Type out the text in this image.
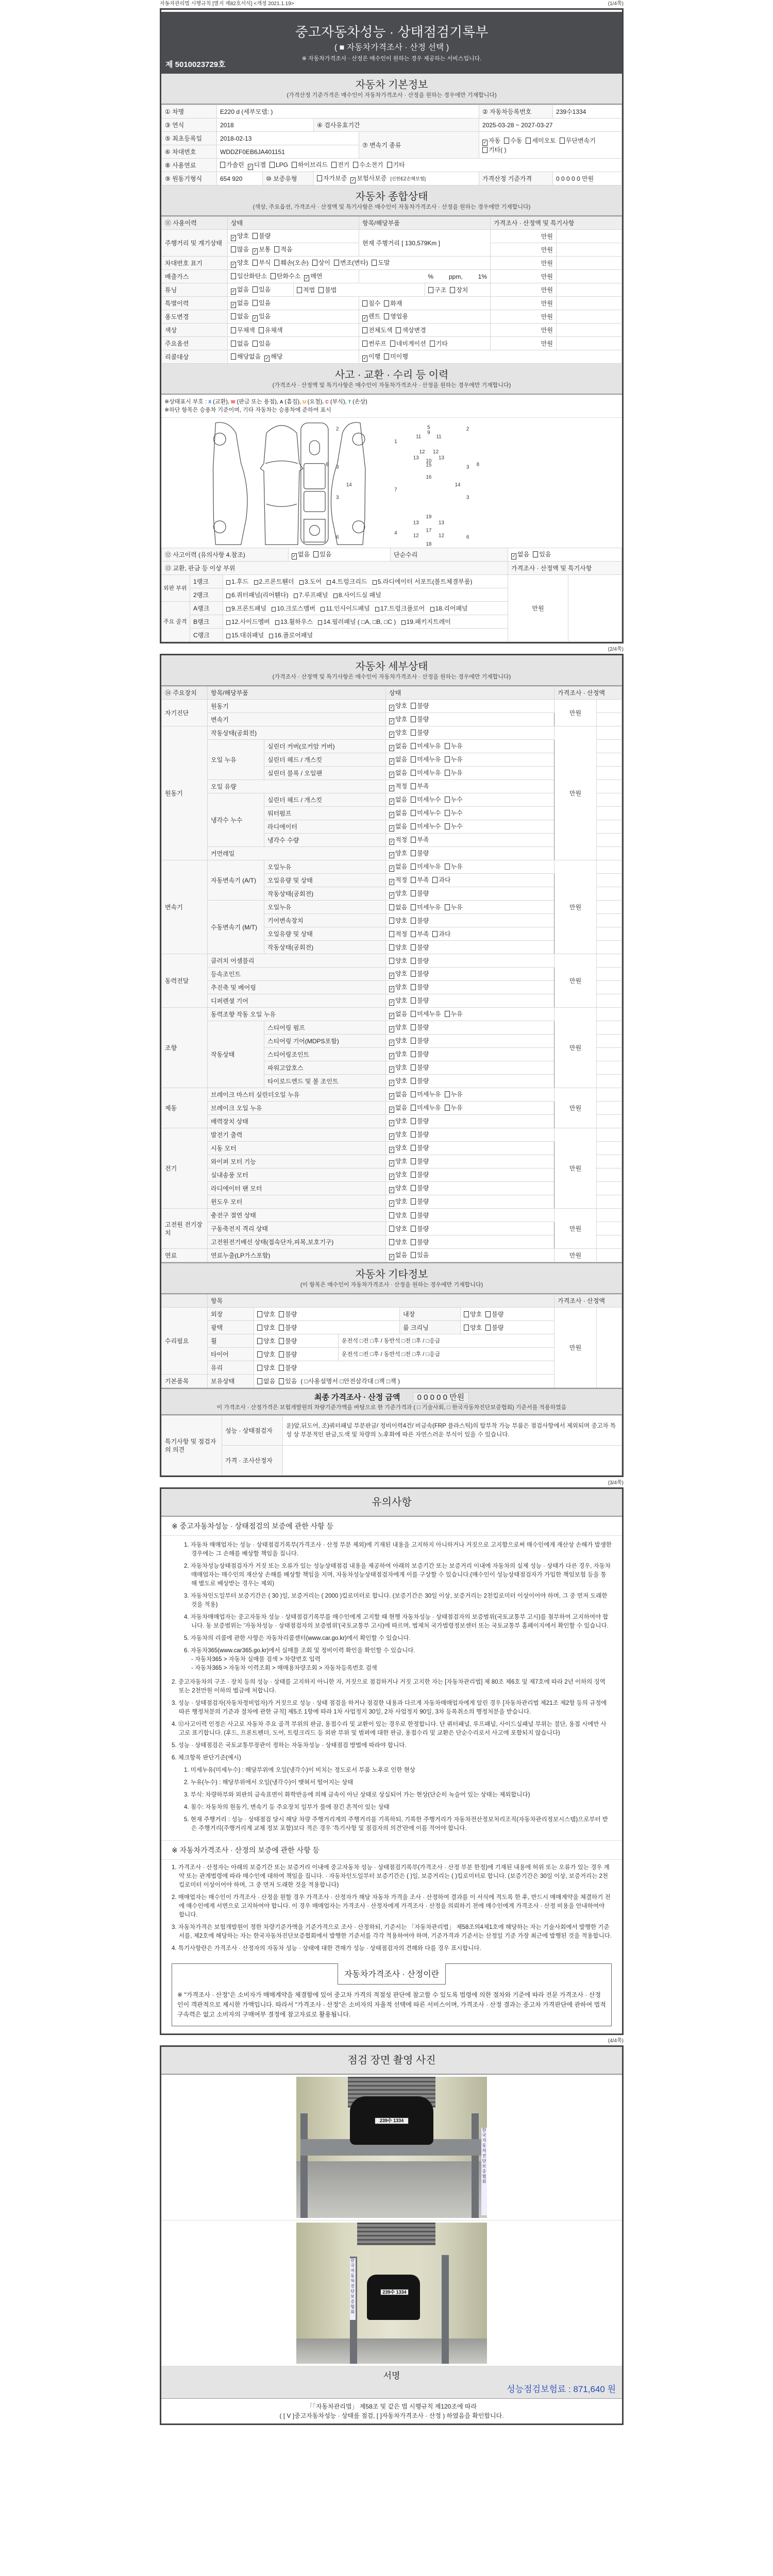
자동차관리법 시행규칙 [별지 제82호서식] <개정 2021.1.19>	(1/4쪽)
중고자동차성능 · 상태점검기록부
( ■ 자동차가격조사 · 산정 선택 )
※ 자동차가격조사 · 산정은 매수인이 원하는 경우 제공하는 서비스입니다.
제 5010023729호
자동차 기본정보
(가격산정 기준가격은 매수인이 자동차가격조사 · 산정을 원하는 경우에만 기재합니다)
① 차명	E220 d (세부모델: )				② 자동차등록번호	239수1334
③ 연식	2018		④ 검사유효기간		2025-03-28 ~ 2027-03-27	
⑤ 최초등록일	2018-02-13			⑦ 변속기 종류	✓ 자동 수동 세미오토 무단변속기기타( )	
⑥ 차대번호	WDDZF0EB6JA401151					
⑧ 사용연료	가솔린 ✓ 디젤 LPG 하이브리드 전기 수소전기 기타					
⑨ 원동기형식	654 920	⑩ 보증유형	자가보증 ✓ 보험사보증 [신한EZ손해보험]		가격산정 기준가격	0 0 0 0 0 만원
자동차 종합상태
(색상, 주요옵션, 가격조사 · 산정액 및 특기사항은 매수인이 자동차가격조사 · 산정을 원하는 경우에만 기재합니다)
⑪ 사용이력	상태		항목/해당부품		가격조사 · 산정액 및 특기사항	
주행거리 및 계기상태	✓ 양호 불량		현재 주행거리 [ 130,579Km ]		만원	
	많음 ✓ 보통 적음				만원	
차대번호 표기	✓ 양호 부식 훼손(오손) 상이 변조(변타) 도말				만원	
배출가스	일산화탄소 탄화수소 ✓ 매연		% ppm, 1%		만원	
튜닝	✓ 없음 있음	적법 불법		구조 장치	만원	
특별이력	✓ 없음 있음		침수 화재		만원	
용도변경	없음 ✓ 있음		✓ 렌트 영업용		만원	
색상	무채색 유채색		전체도색 색상변경		만원	
주요옵션	없음 있음		썬루프 네비게이션 기타		만원	
리콜대상	해당없음 ✓ 해당		✓ 이행 미이행			
사고 · 교환 · 수리 등 이력
(가격조사 · 산정액 및 특기사항은 매수인이 자동차가격조사 · 산정을 원하는 경우에만 기재합니다)
※상태표시 부호 : X (교환), W (판금 또는 용접), A (흠집), U (요철), C (부식), T (손상)
※하단 항목은 승용차 기준이며, 기타 자동차는 승용차에 준하여 표시
2
8 3
3
14
6
1
7
4
5
9
11	11
12 12
13	13
10
15
16
13	13
19
17
12	12
18
2
8
3
3
14
6
⑫ 사고이력 (유의사항 4.참조)			✓ 없음 있음	단순수리	✓ 없음 있음	
⑬ 교환, 판금 등 이상 부위					가격조사 · 산정액 및 특기사항	
외판 부위	1랭크	1.후드 2.프론트휀더 3.도어 4.트렁크리드 5.라디에이터 서포트(볼트체결부품)			만원	
	2랭크	6.쿼터패널(리어휀다) 7.루프패널 8.사이드실 패널				
주요 골격	A랭크	9.프론트패널 10.크로스멤버 11.인사이드패널 17.트렁크플로어 18.리어패널				
	B랭크	12.사이드멤버 13.휠하우스 14.필러패널 ( □A, □B, □C ) 19.패키지트레이				
	C랭크	15.대쉬패널 16.플로어패널				
(2/4쪽)
자동차 세부상태
(가격조사 · 산정액 및 특기사항은 매수인이 자동차가격조사 · 산정을 원하는 경우에만 기재합니다)
⑭ 주요장치	항목/해당부품		상태	가격조사 · 산정액	
자기진단	원동기		✓ 양호 불량	만원	
	변속기		✓ 양호 불량		
원동기	작동상태(공회전)		✓ 양호 불량	만원	
	오일 누유	실린더 커버(로커암 커버)	✓ 없음 미세누유 누유		
		실린더 헤드 / 개스킷	✓ 없음 미세누유 누유		
		실린더 블록 / 오일팬	✓ 없음 미세누유 누유		
	오일 유량		✓ 적정 부족		
	냉각수 누수	실린더 헤드 / 개스킷	✓ 없음 미세누수 누수		
		워터펌프	✓ 없음 미세누수 누수		
		라디에이터	✓ 없음 미세누수 누수		
		냉각수 수량	✓ 적정 부족		
	커먼레일		✓ 양호 불량		
변속기	자동변속기 (A/T)	오일누유	✓ 없음 미세누유 누유	만원	
		오일유량 및 상태	✓ 적정 부족 과다		
		작동상태(공회전)	✓ 양호 불량		
	수동변속기 (M/T)	오일누유	없음 미세누유 누유		
		기어변속장치	양호 불량		
		오일유량 및 상태	적정 부족 과다		
		작동상태(공회전)	양호 불량		
동력전달	클러치 어셈블리		양호 불량	만원	
	등속조인트		✓ 양호 불량		
	추진축 및 베어링		✓ 양호 불량		
	디퍼렌셜 기어		✓ 양호 불량		
조향	동력조향 작동 오일 누유		✓ 없음 미세누유 누유	만원	
	작동상태	스티어링 펌프	✓ 양호 불량		
		스티어링 기어(MDPS포함)	✓ 양호 불량		
		스티어링조인트	✓ 양호 불량		
		파워고압호스	✓ 양호 불량		
		타이로드엔드 및 볼 조인트	✓ 양호 불량		
제동	브레이크 마스터 실린더오일 누유		✓ 없음 미세누유 누유	만원	
	브레이크 오일 누유		✓ 없음 미세누유 누유		
	배력장치 상태		✓ 양호 불량		
전기	발전기 출력		✓ 양호 불량	만원	
	시동 모터		✓ 양호 불량		
	와이퍼 모터 기능		✓ 양호 불량		
	실내송풍 모터		✓ 양호 불량		
	라디에이터 팬 모터		✓ 양호 불량		
	윈도우 모터		✓ 양호 불량		
고전원 전기장치	충전구 절연 상태		양호 불량	만원	
	구동축전지 격리 상태		양호 불량		
	고전원전기배선 상태(접속단자,피복,보호기구)		양호 불량		
연료	연료누출(LP가스포함)		✓ 없음 있음	만원	
자동차 기타정보
(이 항목은 매수인이 자동차가격조사 · 산정을 원하는 경우에만 기재합니다)
	항목					가격조사 · 산정액	
수리필요	외장	양호 불량		내장	양호 불량	만원	
	광택	양호 불량		룸 크리닝	양호 불량		
	휠	양호 불량	운전석 □전 □후 / 동반석 □전 □후 / □응급				
	타이어	양호 불량	운전석 □전 □후 / 동반석 □전 □후 / □응급				
	유리	양호 불량					
기본품목	보유상태	없음 있음 ( □사용설명서 □안전삼각대 □잭 □잭 )					
최종 가격조사 · 산정 금액 0 0 0 0 0 만원
이 가격조사 · 산정가격은 보험개발원의 차량기준가액을 바탕으로 한 기준가격과 ( □ 기술사회, □ 한국자동차진단보증협회) 기준서를 적용하였음
특기사항 및 점검자의 의견	성능 · 상태점검자	운)앞,뒤도어, 조)쿼터패널 부분판금/ 정비이력4건/ 비금속(FRP 플라스틱)의 탈부착 가능 부품은 점검사항에서 제외되며 중고차 특성 상 부분적인 판금,도색 및 차량의 노후화에 따른 자연스러운 부식이 있을 수 있습니다.
	가격 · 조사산정자	
(3/4쪽)
유의사항
※ 중고자동차성능 · 상태점검의 보증에 관한 사항 등
1. 자동차 매매업자는 성능 · 상태점검기록부(가격조사 · 산정 부분 제외)에 기재된 내용을 고지하지 아니하거나 거짓으로 고지함으로써 매수인에게 재산상 손해가 발생한 경우에는 그 손해를 배상할 책임을 집니다.
2. 자동차성능상태점검자가 거짓 또는 오류가 있는 성능상태점검 내용을 제공하여 아래의 보증기간 또는 보증거리 이내에 자동차의 실제 성능 · 상태가 다른 경우, 자동차매매업자는 매수인의 재산상 손해를 배상할 책임을 지며, 자동차성능상태점검자에게 이를 구상할 수 있습니다.(매수인이 성능상태점검자가 가입한 책임보험 등을 통해 별도로 배상받는 경우는 제외)
3. 자동차인도일부터 보증기간은 ( 30 )일, 보증거리는 ( 2000 )킬로미터로 합니다. (보증기간은 30일 이상, 보증거리는 2천킬로미터 이상이어야 하며, 그 중 먼저 도래한 것을 적용)
4. 자동차매매업자는 중고자동차 성능 · 상태점검기록부를 매수인에게 고지할 때 현행 자동차성능 · 상태점검자의 보증범위(국토교통부 고시)를 첨부하여 고지하여야 합니다. 동 보증범위는 '자동차성능 · 상태점검자의 보증범위'(국토교통부 고시)에 따르며, 법제처 국가법령정보센터 또는 국토교통부 홈페이지에서 확인할 수 있습니다.
5. 자동차의 리콜에 관한 사항은 자동차리콜센터(www.car.go.kr)에서 확인할 수 있습니다.
6. 자동차365(www.car365.go.kr)에서 실매물 조회 및 정비이력 확인을 확인할 수 있습니다.
- 자동차365 > 자동차 실매물 검색 > 차량번호 입력
- 자동차365 > 자동차 이력조회 > 매매용차량조회 > 자동차등록번호 검색
2. 중고자동차의 구조 · 장치 등의 성능 · 상태를 고지하지 아니한 자, 거짓으로 점검하거나 거짓 고지한 자는 [자동차관리법] 제 80조 제6호 및 제7호에 따라 2년 이하의 징역 또는 2천만원 이하의 벌금에 처합니다.
3. 성능 · 상태점검자(자동차정비업자)가 거짓으로 성능 · 상태 점검을 하거나 점검한 내용과 다르게 자동차매매업자에게 알린 경우 [자동차관리법 제21조 제2항 등의 규정에 따른 행정처분의 기준과 절차에 관한 규칙] 제5조 1항에 따라 1차 사업정지 30일, 2차 사업정지 90일, 3차 등록취소의 행정처분을 받습니다.
4. ⑫사고이력 인정은 사고로 자동차 주요 골격 부위의 판금, 용접수리 및 교환이 있는 경우로 한정합니다. 단 쿼터패널, 루프패널, 사이드실패널 부위는 절단, 용접 시에만 사고로 표기합니다. (후드, 프론트펜더, 도어, 트렁크리드 등 외판 부위 및 범퍼에 대한 판금, 용접수리 및 교환은 단순수리로서 사고에 포함되지 않습니다)
5. 성능 · 상태점검은 국토교통부장관이 정하는 자동차성능 · 상태점검 방법에 따라야 합니다.
6. 체크항목 판단기준(예시)
1. 미세누유(미세누수) : 해당부위에 오일(냉각수)이 비치는 정도로서 부품 노후로 인한 현상
2. 누유(누수) : 해당부위에서 오일(냉각수)이 맺혀서 떨어지는 상태
3. 부식: 차량하부와 외판의 금속표면이 화학반응에 의해 금속이 아닌 상태로 상실되어 가는 현상(단순히 녹슬어 있는 상태는 제외합니다)
4. 침수: 자동차의 원동기, 변속기 등 주요장치 일부가 물에 잠긴 흔적이 있는 상태
5. 현재 주행거리 : 성능 · 상태점검 당시 해당 차량 주행거리계의 주행거리를 기록하되, 기록한 주행거리가 자동차전산정보처리조직(자동차관리정보시스템)으로부터 받은 주행거리(주행거리계 교체 정보 포함)보다 적은 경우 '특기사항 및 점검자의 의견'란에 이를 적어야 합니다.
※ 자동차가격조사 · 산정의 보증에 관한 사항 등
1. 가격조사 · 산정자는 아래의 보증기간 또는 보증거리 이내에 중고자동차 성능 · 상태점검기록부(가격조사 · 산정 부분 한정)에 기재된 내용에 허위 또는 오류가 있는 경우 계약 또는 관계법령에 따라 매수인에 대하여 책임을 집니다. · 자동차인도일부터 보증기간은 ( )일, 보증거리는 ( )킬로미터로 합니다. (보증기간은 30일 이상, 보증거리는 2천킬로미터 이상이어야 하며, 그 중 먼저 도래한 것을 적용합니다)
2. 매매업자는 매수인이 가격조사 · 산정을 원할 경우 가격조사 · 산정자가 해당 자동차 가격을 조사 · 산정하여 결과를 이 서식에 적도록 한 후, 반드시 매매계약을 체결하기 전에 매수인에게 서면으로 고지하여야 합니다. 이 경우 매매업자는 가격조사 · 산정자에게 가격조사 · 산정을 의뢰하기 전에 매수인에게 가격조사 · 산정 비용을 안내하여야 합니다.
3. 자동차가격은 보험개발원이 정한 차량기준가액을 기준가격으로 조사 · 산정하되, 기준서는 「자동차관리법」 제58조의4제1호에 해당하는 자는 기술사회에서 발행한 기준서를, 제2호에 해당하는 자는 한국자동차진단보증협회에서 발행한 기준서를 각각 적용하여야 하며, 기준가격과 기준서는 산정일 기준 가장 최근에 발행된 것을 적용합니다.
4. 특기사항란은 가격조사 · 산정자의 자동차 성능 · 상태에 대한 견해가 성능 · 상태점검자의 견해와 다를 경우 표시합니다.
자동차가격조사 · 산정이란

※ "가격조사 · 산정"은 소비자가 매매계약을 체결함에 있어 중고차 가격의 적절성 판단에 참고할 수 있도록 법령에 의한 절차와 기준에 따라 전문 가격조사 · 산정인이 객관적으로 제시한 가액입니다. 따라서 "가격조사 · 산정"은 소비자의 자율적 선택에 따른 서비스이며, 가격조사 · 산정 결과는 중고차 가격판단에 관하여 법적 구속력은 없고 소비자의 구매여부 결정에 참고자료로 활용됩니다.

(4/4쪽)
점검 장면 촬영 사진
239수 1334
한국자동차진단보증협회
239수 1334
한국자동차진단보증협회
서명
성능점검보험료 : 871,640 원
「「자동차관리법」 제58조 및 같은 법 시행규칙 제120조에 따라
( [ V ]중고자동차성능 · 상태를 점검, [ ]자동차가격조사 · 산정 ) 하였음을 확인합니다.
